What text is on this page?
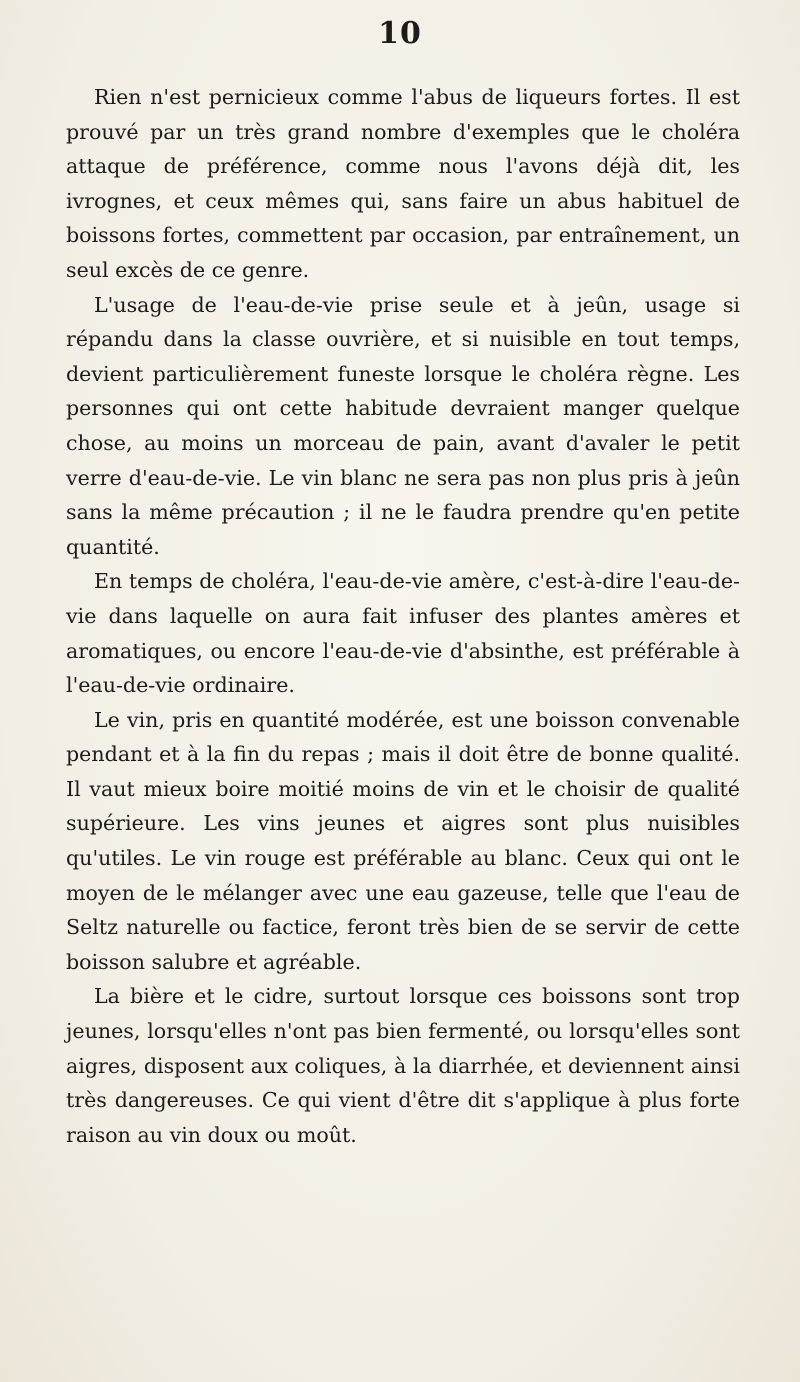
10

Rien n'est pernicieux comme l'abus de liqueurs fortes. Il est prouvé par un très grand nombre d'exemples que le choléra attaque de préférence, comme nous l'avons déjà dit, les ivrognes, et ceux mêmes qui, sans faire un abus habituel de boissons fortes, commettent par occasion, par entraînement, un seul excès de ce genre.

L'usage de l'eau-de-vie prise seule et à jeûn, usage si répandu dans la classe ouvrière, et si nuisible en tout temps, devient particulièrement funeste lorsque le choléra règne. Les personnes qui ont cette habitude devraient manger quelque chose, au moins un morceau de pain, avant d'avaler le petit verre d'eau-de-vie. Le vin blanc ne sera pas non plus pris à jeûn sans la même précaution ; il ne le faudra prendre qu'en petite quantité.

En temps de choléra, l'eau-de-vie amère, c'est-à-dire l'eau-de-vie dans laquelle on aura fait infuser des plantes amères et aromatiques, ou encore l'eau-de-vie d'absinthe, est préférable à l'eau-de-vie ordinaire.

Le vin, pris en quantité modérée, est une boisson convenable pendant et à la fin du repas ; mais il doit être de bonne qualité. Il vaut mieux boire moitié moins de vin et le choisir de qualité supérieure. Les vins jeunes et aigres sont plus nuisibles qu'utiles. Le vin rouge est préférable au blanc. Ceux qui ont le moyen de le mélanger avec une eau gazeuse, telle que l'eau de Seltz naturelle ou factice, feront très bien de se servir de cette boisson salubre et agréable.

La bière et le cidre, surtout lorsque ces boissons sont trop jeunes, lorsqu'elles n'ont pas bien fermenté, ou lorsqu'elles sont aigres, disposent aux coliques, à la diarrhée, et deviennent ainsi très dangereuses. Ce qui vient d'être dit s'applique à plus forte raison au vin doux ou moût.
